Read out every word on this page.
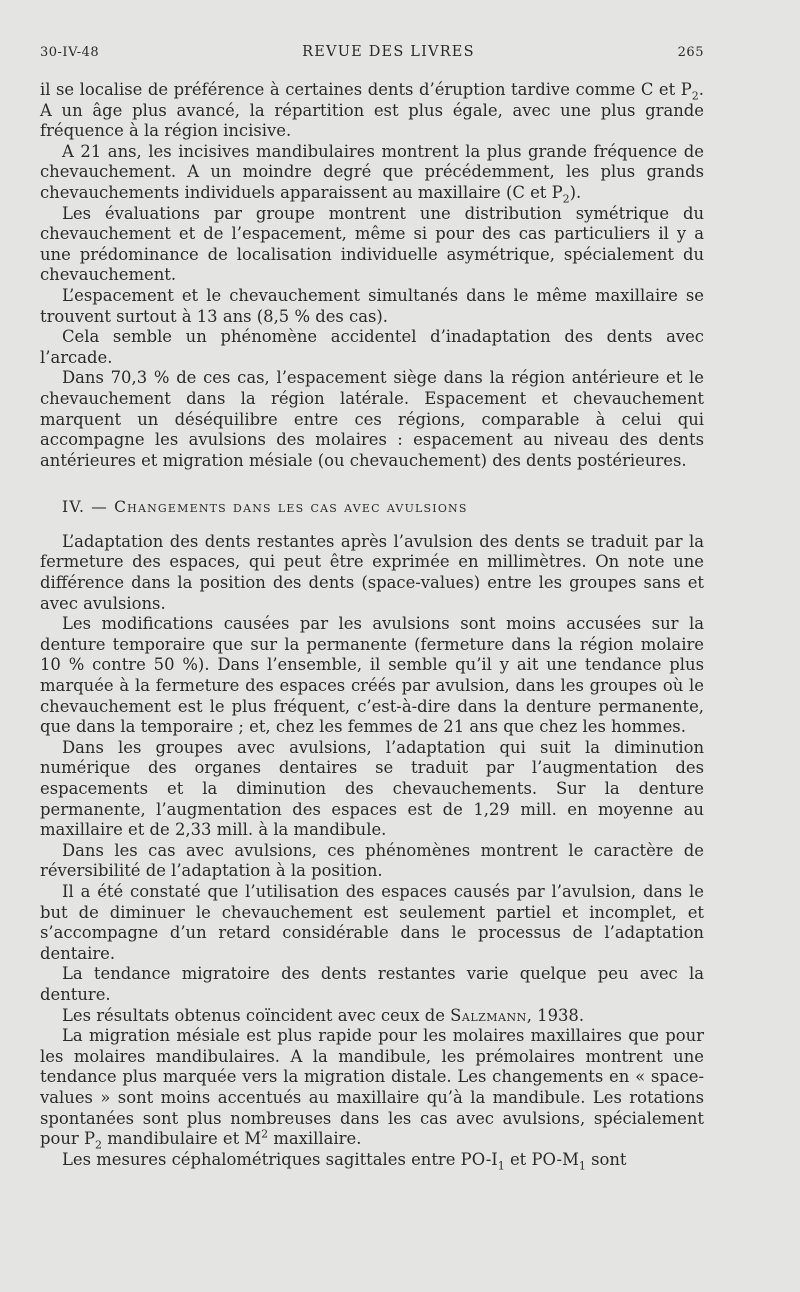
30-IV-48	REVUE DES LIVRES	265

il se localise de préférence à certaines dents d’éruption tardive comme C et $P_2$. A un âge plus avancé, la répartition est plus égale, avec une plus grande fréquence à la région incisive.

A 21 ans, les incisives mandibulaires montrent la plus grande fréquence de chevauchement. A un moindre degré que précédemment, les plus grands chevauchements individuels apparaissent au maxillaire (C et $P_2$).

Les évaluations par groupe montrent une distribution symétrique du chevauchement et de l’espacement, même si pour des cas particuliers il y a une prédominance de localisation individuelle asymétrique, spécialement du chevauchement.

L’espacement et le chevauchement simultanés dans le même maxillaire se trouvent surtout à 13 ans (8,5 % des cas).

Cela semble un phénomène accidentel d’inadaptation des dents avec l’arcade.

Dans 70,3 % de ces cas, l’espacement siège dans la région antérieure et le chevauchement dans la région latérale. Espacement et chevauchement marquent un déséquilibre entre ces régions, comparable à celui qui accompagne les avulsions des molaires : espacement au niveau des dents antérieures et migration mésiale (ou chevauchement) des dents postérieures.

IV. — Changements dans les cas avec avulsions

L’adaptation des dents restantes après l’avulsion des dents se traduit par la fermeture des espaces, qui peut être exprimée en millimètres. On note une différence dans la position des dents (space-values) entre les groupes sans et avec avulsions.

Les modifications causées par les avulsions sont moins accusées sur la denture temporaire que sur la permanente (fermeture dans la région molaire 10 % contre 50 %). Dans l’ensemble, il semble qu’il y ait une tendance plus marquée à la fermeture des espaces créés par avulsion, dans les groupes où le chevauchement est le plus fréquent, c’est-à-dire dans la denture permanente, que dans la temporaire ; et, chez les femmes de 21 ans que chez les hommes.

Dans les groupes avec avulsions, l’adaptation qui suit la diminution numérique des organes dentaires se traduit par l’augmentation des espacements et la diminution des chevauchements. Sur la denture permanente, l’augmentation des espaces est de 1,29 mill. en moyenne au maxillaire et de 2,33 mill. à la mandibule.

Dans les cas avec avulsions, ces phénomènes montrent le caractère de réversibilité de l’adaptation à la position.

Il a été constaté que l’utilisation des espaces causés par l’avulsion, dans le but de diminuer le chevauchement est seulement partiel et incomplet, et s’accompagne d’un retard considérable dans le processus de l’adaptation dentaire.

La tendance migratoire des dents restantes varie quelque peu avec la denture.

Les résultats obtenus coïncident avec ceux de Salzmann, 1938.

La migration mésiale est plus rapide pour les molaires maxillaires que pour les molaires mandibulaires. A la mandibule, les prémolaires montrent une tendance plus marquée vers la migration distale. Les changements en « space-values » sont moins accentués au maxillaire qu’à la mandibule. Les rotations spontanées sont plus nombreuses dans les cas avec avulsions, spécialement pour $P_2$ mandibulaire et $M^2$ maxillaire.

Les mesures céphalométriques sagittales entre $PO-I_1$ et $PO-M_1$ sont
